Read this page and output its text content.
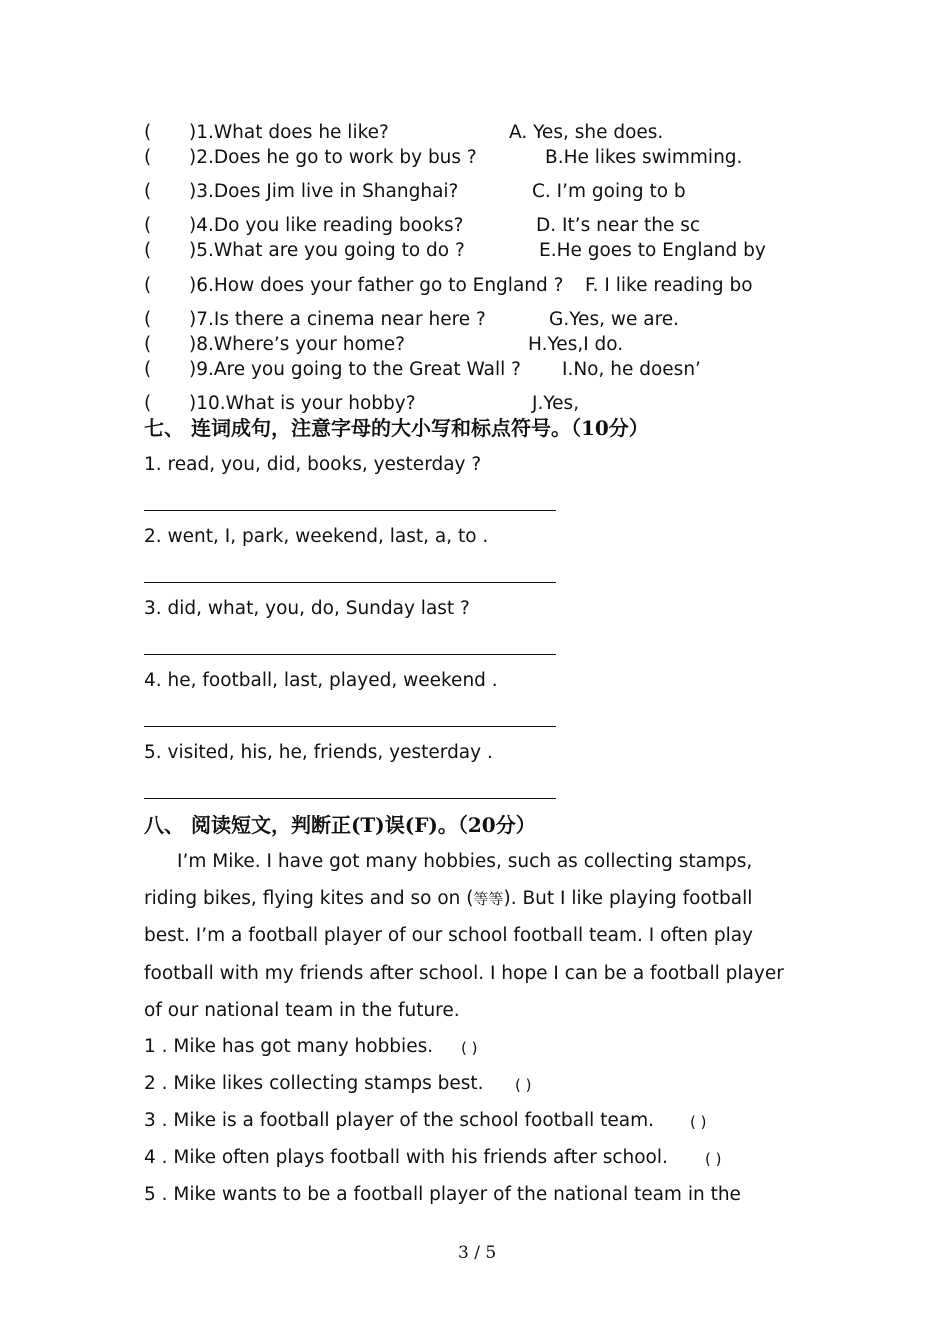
( )1.What does he like?	A. Yes, she does.
( )2.Does he go to work by bus ?	B.He likes swimming.
( )3.Does Jim live in Shanghai?	C. I’m going to b
( )4.Do you like reading books?	D. It’s near the sc
( )5.What are you going to do ?	E.He goes to England by
( )6.How does your father go to England ? F. I like reading bo
( )7.Is there a cinema near here ?	G.Yes, we are.
( )8.Where’s your home?	H.Yes,I do.
( )9.Are you going to the Great Wall ? I.No, he doesn’
( )10.What is your hobby?	J.Yes,
七、 连词成句，注意字母的大小写和标点符号。（10分）
1. read, you, did, books, yesterday ?
2. went, I, park, weekend, last, a, to .
3. did, what, you, do, Sunday last ?
4. he, football, last, played, weekend .
5. visited, his, he, friends, yesterday .
八、 阅读短文，判断正(T)误(F)。（20分）
I’m Mike. I have got many hobbies, such as collecting stamps,
riding bikes, flying kites and so on (等等). But I like playing football
best. I’m a football player of our school football team. I often play
football with my friends after school. I hope I can be a football player
of our national team in the future.
1 . Mike has got many hobbies. ( )
2 . Mike likes collecting stamps best. ( )
3 . Mike is a football player of the school football team. ( )
4 . Mike often plays football with his friends after school. ( )
5 . Mike wants to be a football player of the national team in the
3 / 5
